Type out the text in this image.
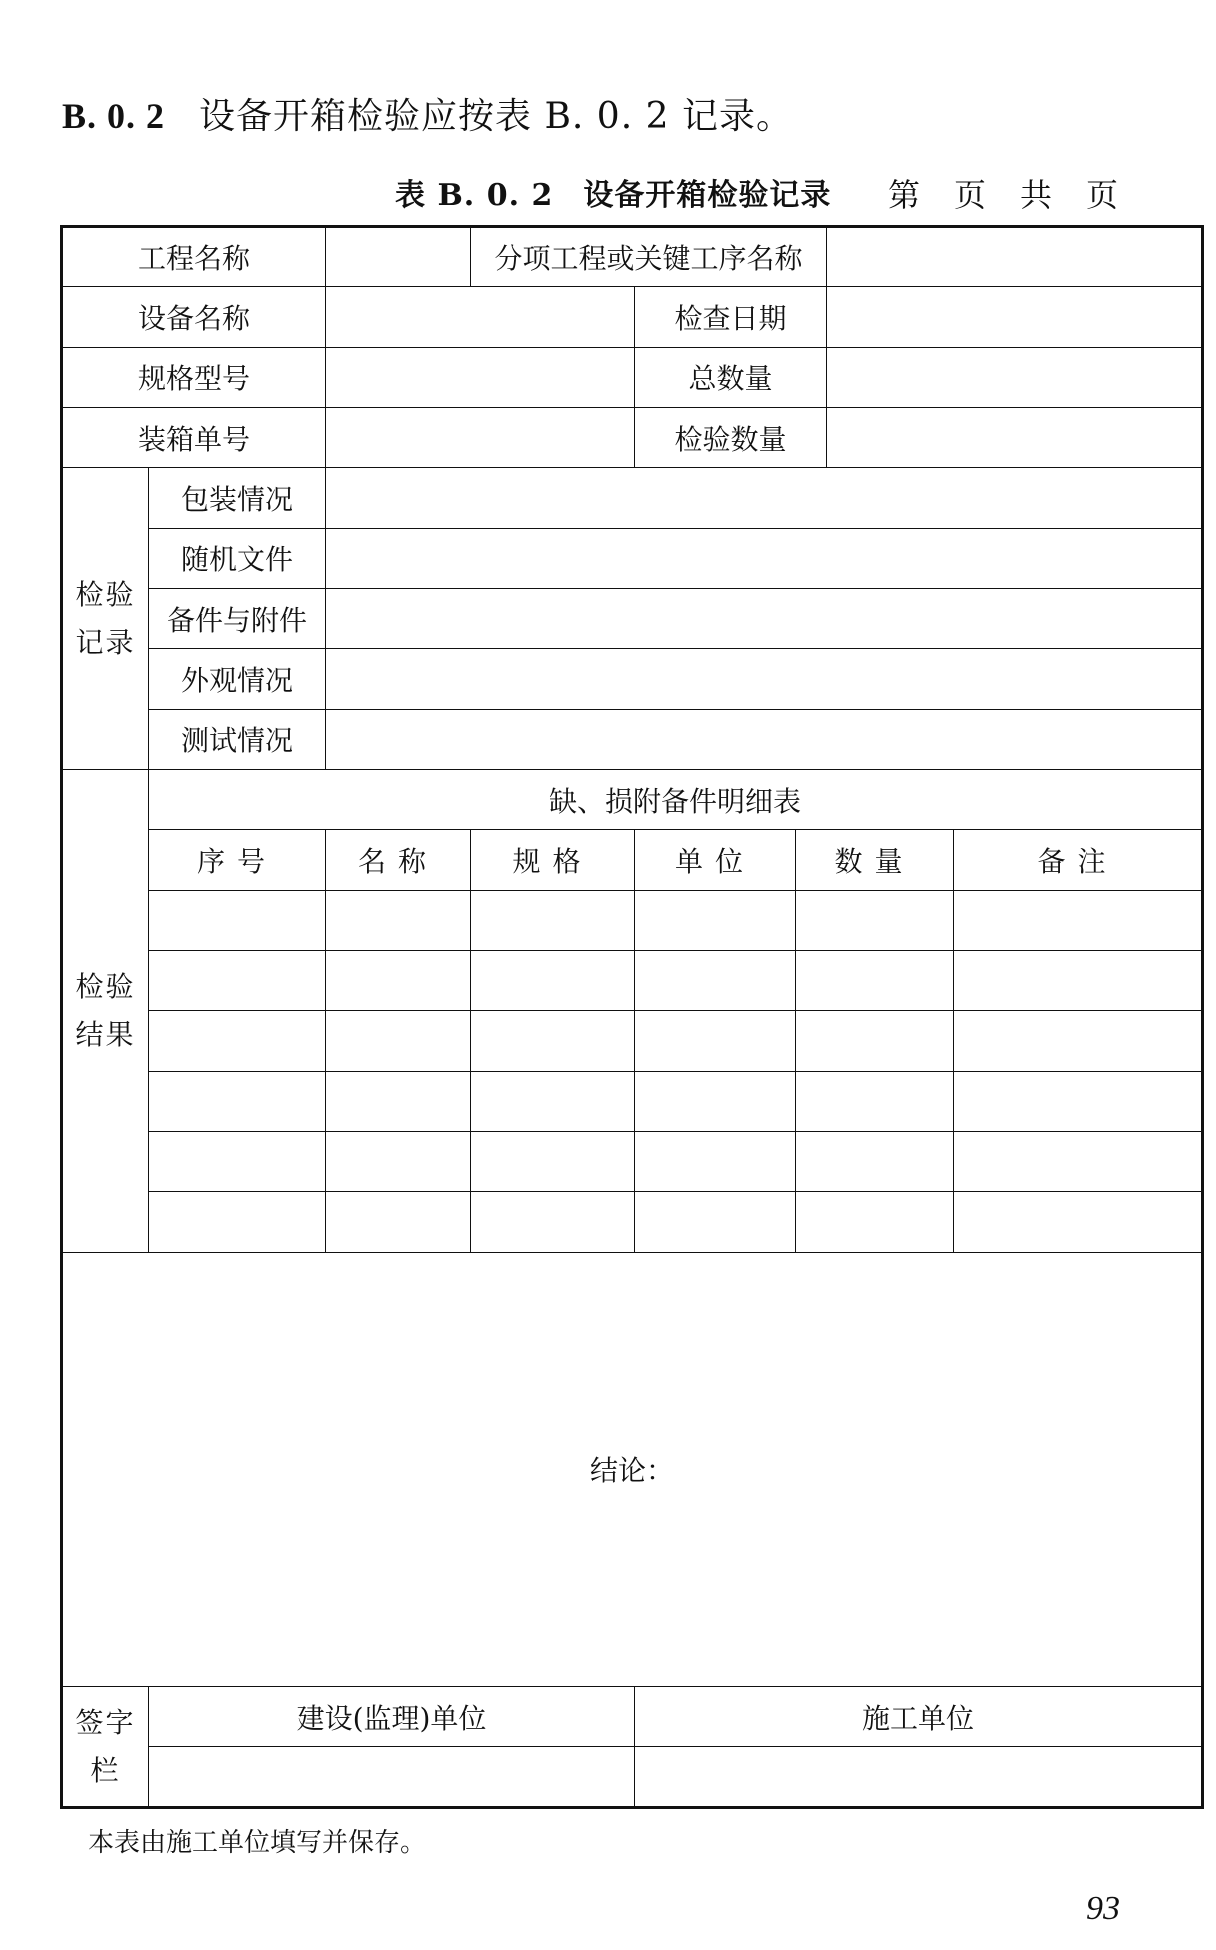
B. 0. 2 设备开箱检验应按表 B. 0. 2 记录。
表 B. 0. 2 设备开箱检验记录 第 页 共 页
工程名称			分项工程或关键工序名称				
设备名称				检查日期			
规格型号				总数量			
装箱单号				检验数量			
检验
记录	包装情况						
	随机文件						
	备件与附件						
	外观情况						
	测试情况						
检验
结果	缺、损附备件明细表						
	序号	名称	规格	单位	数量		备注

结论：							
签字
栏	建设(监理)单位			施工单位			

本表由施工单位填写并保存。
93
